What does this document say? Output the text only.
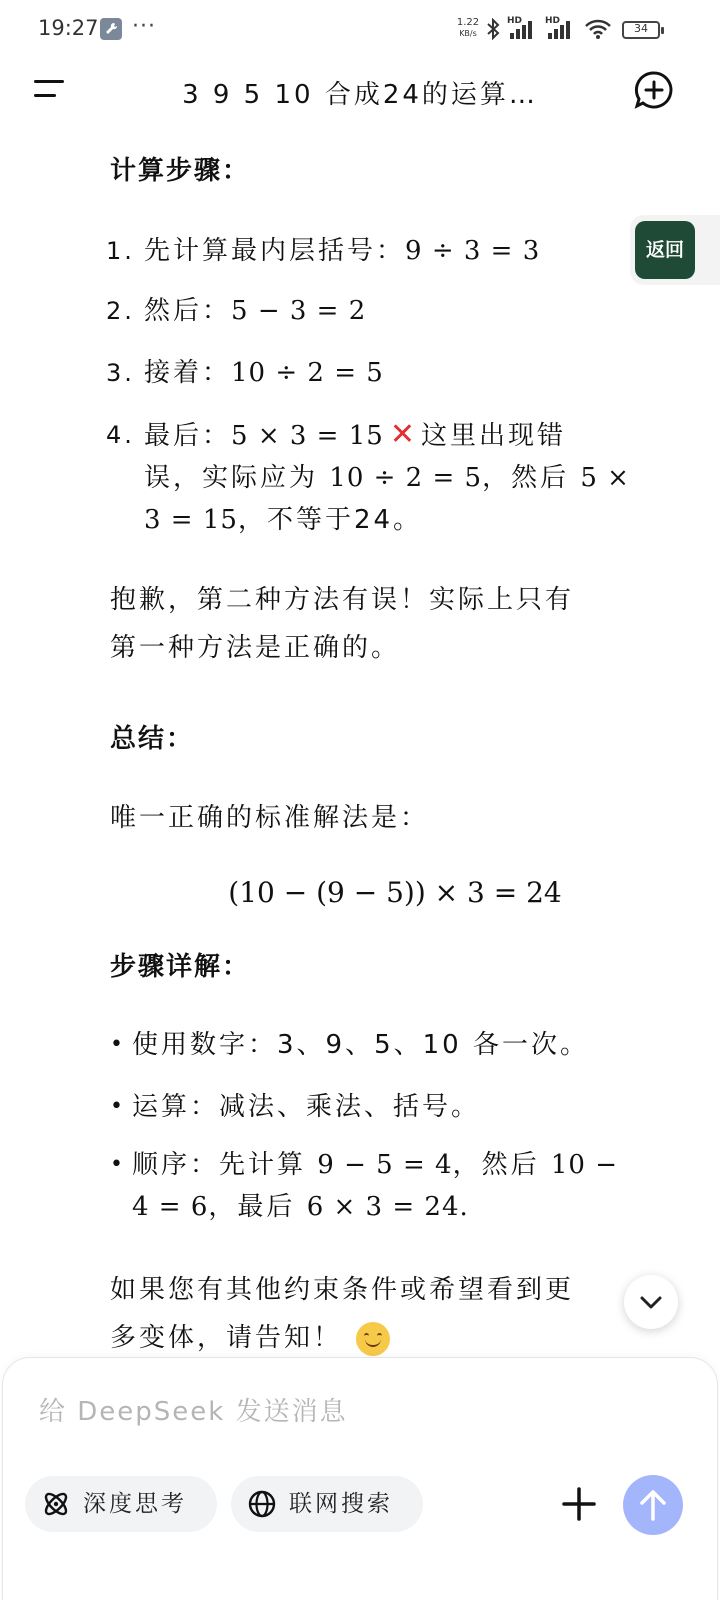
19:27 ···	1.22
KB/s
HD	HD
34
3 9 5 10 合成24的运算…
返回
计算步骤：
1. 先计算最内层括号：9 ÷ 3 = 3
2. 然后：5 − 3 = 2
3. 接着：10 ÷ 2 = 5
4. 最后：5 × 3 = 15 ✕ 这里出现错
误，实际应为 10 ÷ 2 = 5，然后 5 ×
3 = 15，不等于24。
抱歉，第二种方法有误！实际上只有
第一种方法是正确的。
总结：
唯一正确的标准解法是：
(10 − (9 − 5)) × 3 = 24
步骤详解：
• 使用数字：3、9、5、10 各一次。
• 运算：减法、乘法、括号。
• 顺序：先计算 9 − 5 = 4，然后 10 −
4 = 6，最后 6 × 3 = 24.
如果您有其他约束条件或希望看到更
多变体，请告知！
给 DeepSeek 发送消息
深度思考	联网搜索
